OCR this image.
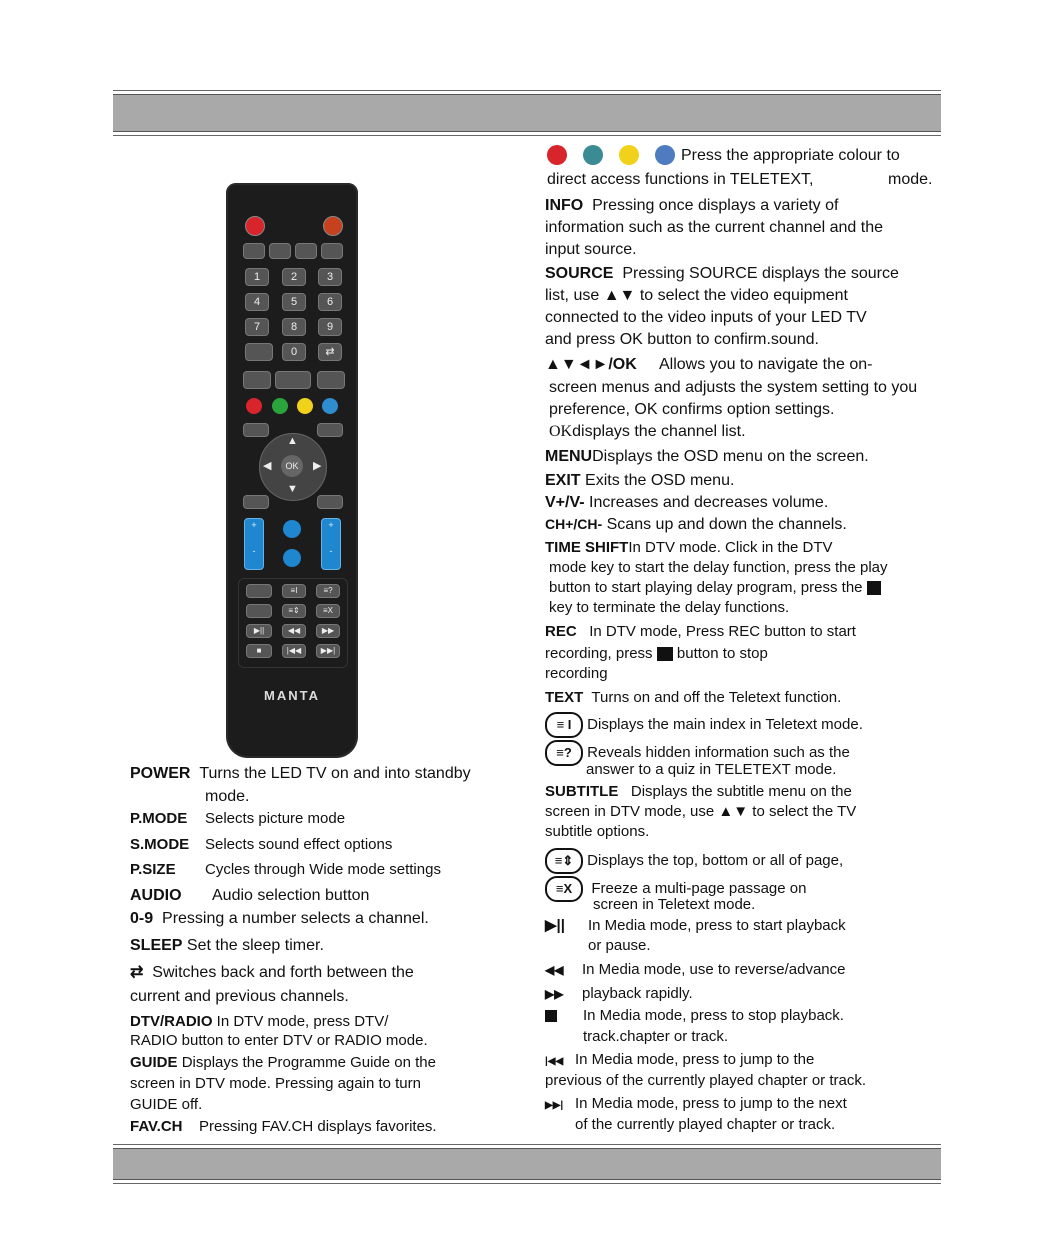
1	2	3
4	5	6
7	8	9
0	⇄
OK
▲
▼
◀	▶
+
-
+
-
≡I	≡?
≡⇕	≡X
▶||	◀◀	▶▶
■	|◀◀	▶▶|
MANTA
POWER Turns the LED TV on and into standby
mode.
P.MODE Selects picture mode
S.MODE Selects sound effect options
P.SIZE Cycles through Wide mode settings
AUDIO Audio selection button
0-9 Pressing a number selects a channel.
SLEEP Set the sleep timer.
⇄ Switches back and forth between the
current and previous channels.
DTV/RADIO In DTV mode, press DTV/
RADIO button to enter DTV or RADIO mode.
GUIDE Displays the Programme Guide on the
screen in DTV mode. Pressing again to turn
GUIDE off.
FAV.CH Pressing FAV.CH displays favorites.
Press the appropriate colour to
direct access functions in TELETEXT,	mode.
INFO Pressing once displays a variety of
information such as the current channel and the
input source.
SOURCE Pressing SOURCE displays the source
list, use ▲▼ to select the video equipment
connected to the video inputs of your LED TV
and press OK button to confirm.sound.
▲▼◄►/OK Allows you to navigate the on-
screen menus and adjusts the system setting to you
preference, OK confirms option settings.
OKdisplays the channel list.
MENUDisplays the OSD menu on the screen.
EXIT Exits the OSD menu.
V+/V- Increases and decreases volume.
CH+/CH- Scans up and down the channels.
TIME SHIFTIn DTV mode. Click in the DTV
mode key to start the delay function, press the play
button to start playing delay program, press the
key to terminate the delay functions.
REC In DTV mode, Press REC button to start
recording, press button to stop
recording
TEXT Turns on and off the Teletext function.
≡ I Displays the main index in Teletext mode.
≡? Reveals hidden information such as the
answer to a quiz in TELETEXT mode.
SUBTITLE Displays the subtitle menu on the
screen in DTV mode, use ▲▼ to select the TV
subtitle options.
≡⇕ Displays the top, bottom or all of page,
≡X Freeze a multi-page passage on
screen in Teletext mode.
▶|| In Media mode, press to start playback
or pause.
◀◀ In Media mode, use to reverse/advance
▶▶ playback rapidly.
In Media mode, press to stop playback.
track.chapter or track.
|◀◀ In Media mode, press to jump to the
previous of the currently played chapter or track.
▶▶| In Media mode, press to jump to the next
of the currently played chapter or track.
